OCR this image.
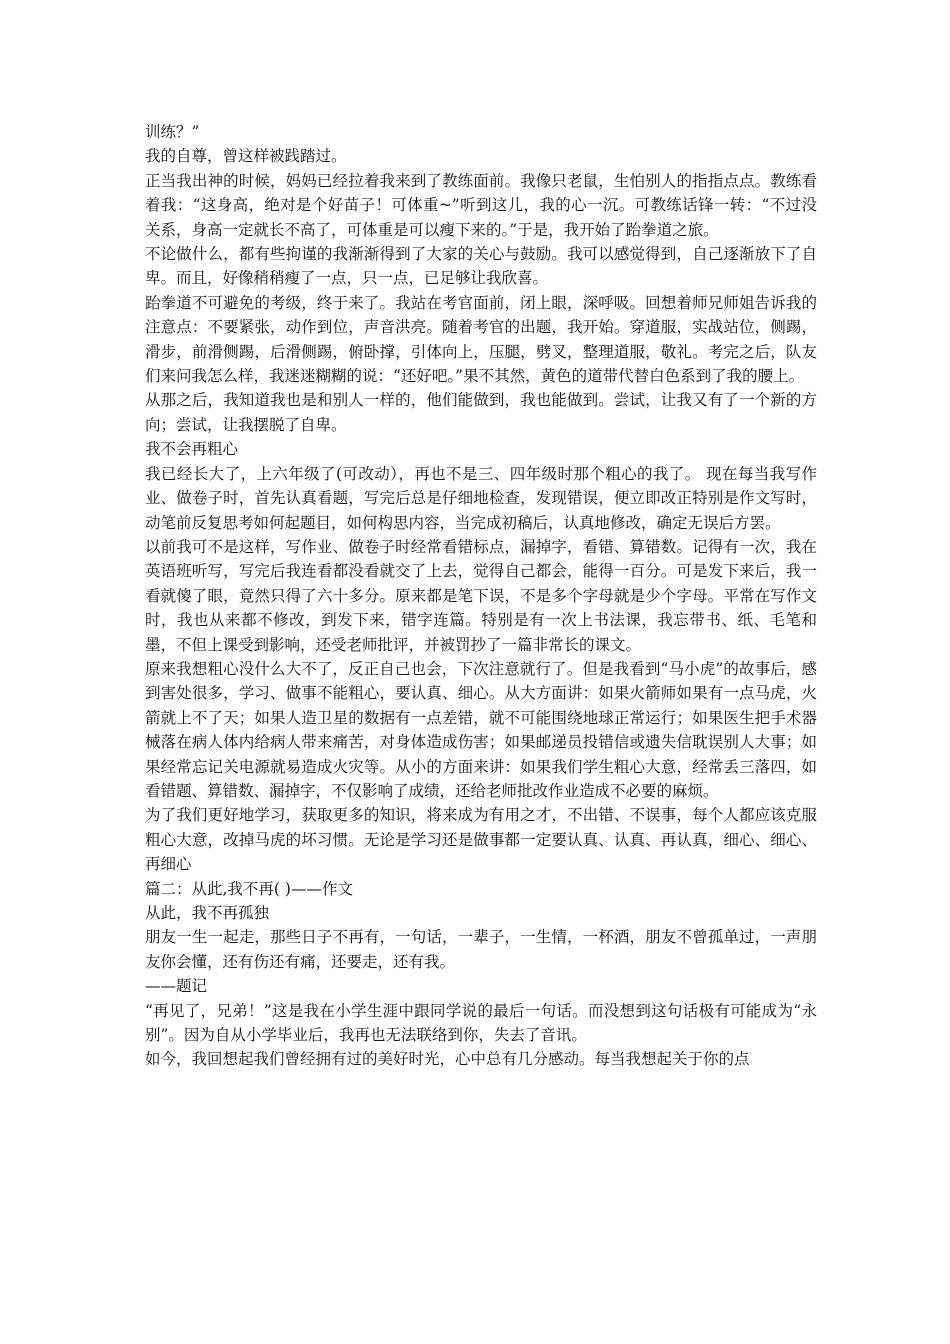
训练？”

我的自尊，曾这样被践踏过。

正当我出神的时候，妈妈已经拉着我来到了教练面前。我像只老鼠，生怕别人的指指点点。教练看着我：“这身高，绝对是个好苗子！可体重~”听到这儿，我的心一沉。可教练话锋一转：“不过没关系，身高一定就长不高了，可体重是可以瘦下来的。”于是，我开始了跆拳道之旅。

不论做什么，都有些拘谨的我渐渐得到了大家的关心与鼓励。我可以感觉得到，自己逐渐放下了自卑。而且，好像稍稍瘦了一点，只一点，已足够让我欣喜。

跆拳道不可避免的考级，终于来了。我站在考官面前，闭上眼，深呼吸。回想着师兄师姐告诉我的注意点：不要紧张，动作到位，声音洪亮。随着考官的出题，我开始。穿道服，实战站位，侧踢，滑步，前滑侧踢，后滑侧踢，俯卧撑，引体向上，压腿，劈叉，整理道服，敬礼。考完之后，队友们来问我怎么样，我迷迷糊糊的说：“还好吧。”果不其然，黄色的道带代替白色系到了我的腰上。

从那之后，我知道我也是和别人一样的，他们能做到，我也能做到。尝试，让我又有了一个新的方向；尝试，让我摆脱了自卑。

我不会再粗心

我已经长大了，上六年级了(可改动），再也不是三、四年级时那个粗心的我了。 现在每当我写作业、做卷子时，首先认真看题，写完后总是仔细地检查，发现错误，便立即改正特别是作文写时，动笔前反复思考如何起题目，如何构思内容，当完成初稿后，认真地修改，确定无误后方罢。

以前我可不是这样，写作业、做卷子时经常看错标点，漏掉字，看错、算错数。记得有一次，我在英语班听写，写完后我连看都没看就交了上去，觉得自己都会，能得一百分。可是发下来后，我一看就傻了眼，竟然只得了六十多分。原来都是笔下误，不是多个字母就是少个字母。平常在写作文时，我也从来都不修改，到发下来，错字连篇。特别是有一次上书法课，我忘带书、纸、毛笔和墨，不但上课受到影响，还受老师批评，并被罚抄了一篇非常长的课文。

原来我想粗心没什么大不了，反正自己也会，下次注意就行了。但是我看到“马小虎”的故事后，感到害处很多，学习、做事不能粗心，要认真、细心。从大方面讲：如果火箭师如果有一点马虎，火箭就上不了天；如果人造卫星的数据有一点差错，就不可能围绕地球正常运行；如果医生把手术器械落在病人体内给病人带来痛苦，对身体造成伤害；如果邮递员投错信或遗失信耽误别人大事；如果经常忘记关电源就易造成火灾等。从小的方面来讲：如果我们学生粗心大意，经常丢三落四，如看错题、算错数、漏掉字，不仅影响了成绩，还给老师批改作业造成不必要的麻烦。

为了我们更好地学习，获取更多的知识，将来成为有用之才，不出错、不误事，每个人都应该克服粗心大意，改掉马虎的坏习惯。无论是学习还是做事都一定要认真、认真、再认真，细心、细心、再细心

篇二：从此,我不再( )——作文

从此，我不再孤独

朋友一生一起走，那些日子不再有，一句话，一辈子，一生情，一杯酒，朋友不曾孤单过，一声朋友你会懂，还有伤还有痛，还要走，还有我。

——题记

“再见了，兄弟！”这是我在小学生涯中跟同学说的最后一句话。而没想到这句话极有可能成为“永别”。因为自从小学毕业后，我再也无法联络到你，失去了音讯。

如今，我回想起我们曾经拥有过的美好时光，心中总有几分感动。每当我想起关于你的点
